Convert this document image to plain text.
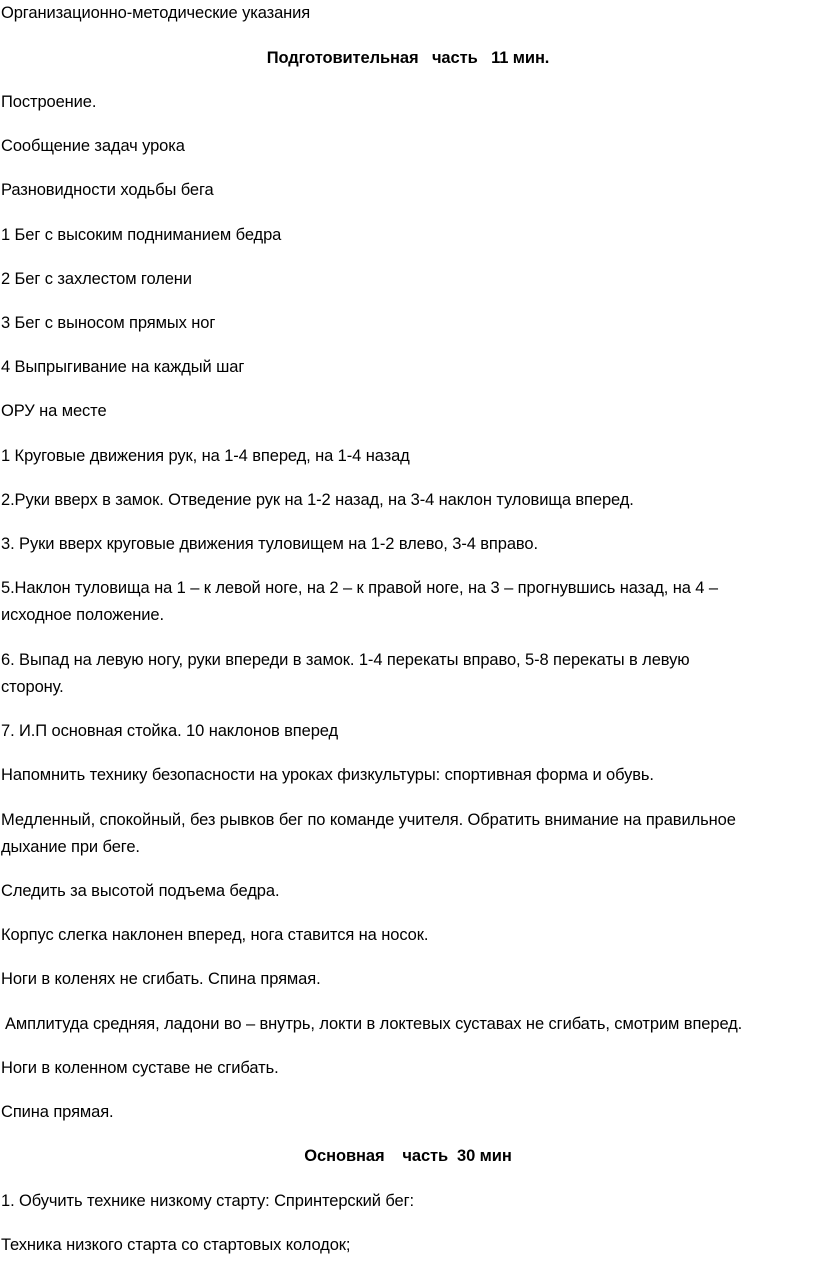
Организационно-методические указания
Подготовительная   часть   11 мин.
Построение.
Сообщение задач урока
Разновидности ходьбы бега
1 Бег с высоким подниманием бедра
2 Бег с захлестом голени
3 Бег с выносом прямых ног
4 Выпрыгивание на каждый шаг
ОРУ на месте
1 Круговые движения рук, на 1-4 вперед, на 1-4 назад
2.Руки вверх в замок. Отведение рук на 1-2 назад, на 3-4 наклон туловища вперед.
3. Руки вверх круговые движения туловищем на 1-2 влево, 3-4 вправо.
5.Наклон туловища на 1 – к левой ноге, на 2 – к правой ноге, на 3 – прогнувшись назад, на 4 –
исходное положение.
6. Выпад на левую ногу, руки впереди в замок. 1-4 перекаты вправо, 5-8 перекаты в левую
сторону.
7. И.П основная стойка. 10 наклонов вперед
Напомнить технику безопасности на уроках физкультуры: спортивная форма и обувь.
Медленный, спокойный, без рывков бег по команде учителя. Обратить внимание на правильное
дыхание при беге.
Следить за высотой подъема бедра.
Корпус слегка наклонен вперед, нога ставится на носок.
Ноги в коленях не сгибать. Спина прямая.
Амплитуда средняя, ладони во – внутрь, локти в локтевых суставах не сгибать, смотрим вперед.
Ноги в коленном суставе не сгибать.
Спина прямая.
Основная    часть  30 мин
1. Обучить технике низкому старту: Спринтерский бег:
Техника низкого старта со стартовых колодок;
